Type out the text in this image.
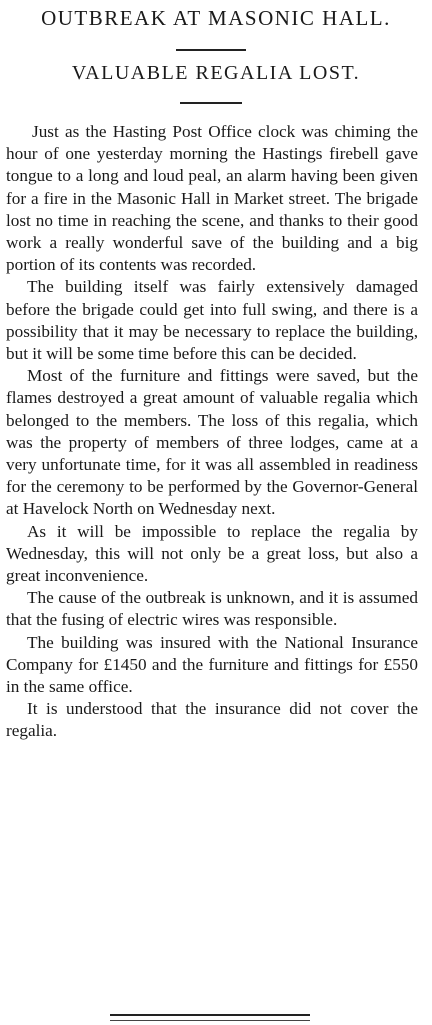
OUTBREAK AT MASONIC HALL.
VALUABLE REGALIA LOST.

Just as the Hasting Post Office clock was chiming the hour of one yesterday morning the Hastings firebell gave tongue to a long and loud peal, an alarm having been given for a fire in the Masonic Hall in Market street. The brigade lost no time in reaching the scene, and thanks to their good work a really wonderful save of the building and a big portion of its contents was recorded.

The building itself was fairly extensively damaged before the brigade could get into full swing, and there is a possibility that it may be necessary to replace the building, but it will be some time before this can be decided.

Most of the furniture and fittings were saved, but the flames destroyed a great amount of valuable regalia which belonged to the members. The loss of this regalia, which was the property of members of three lodges, came at a very unfortunate time, for it was all assembled in readiness for the ceremony to be performed by the Governor-General at Havelock North on Wednesday next.

As it will be impossible to replace the regalia by Wednesday, this will not only be a great loss, but also a great inconvenience.

The cause of the outbreak is unknown, and it is assumed that the fusing of electric wires was responsible.

The building was insured with the National Insurance Company for £1450 and the furniture and fittings for £550 in the same office.

It is understood that the insurance did not cover the regalia.
